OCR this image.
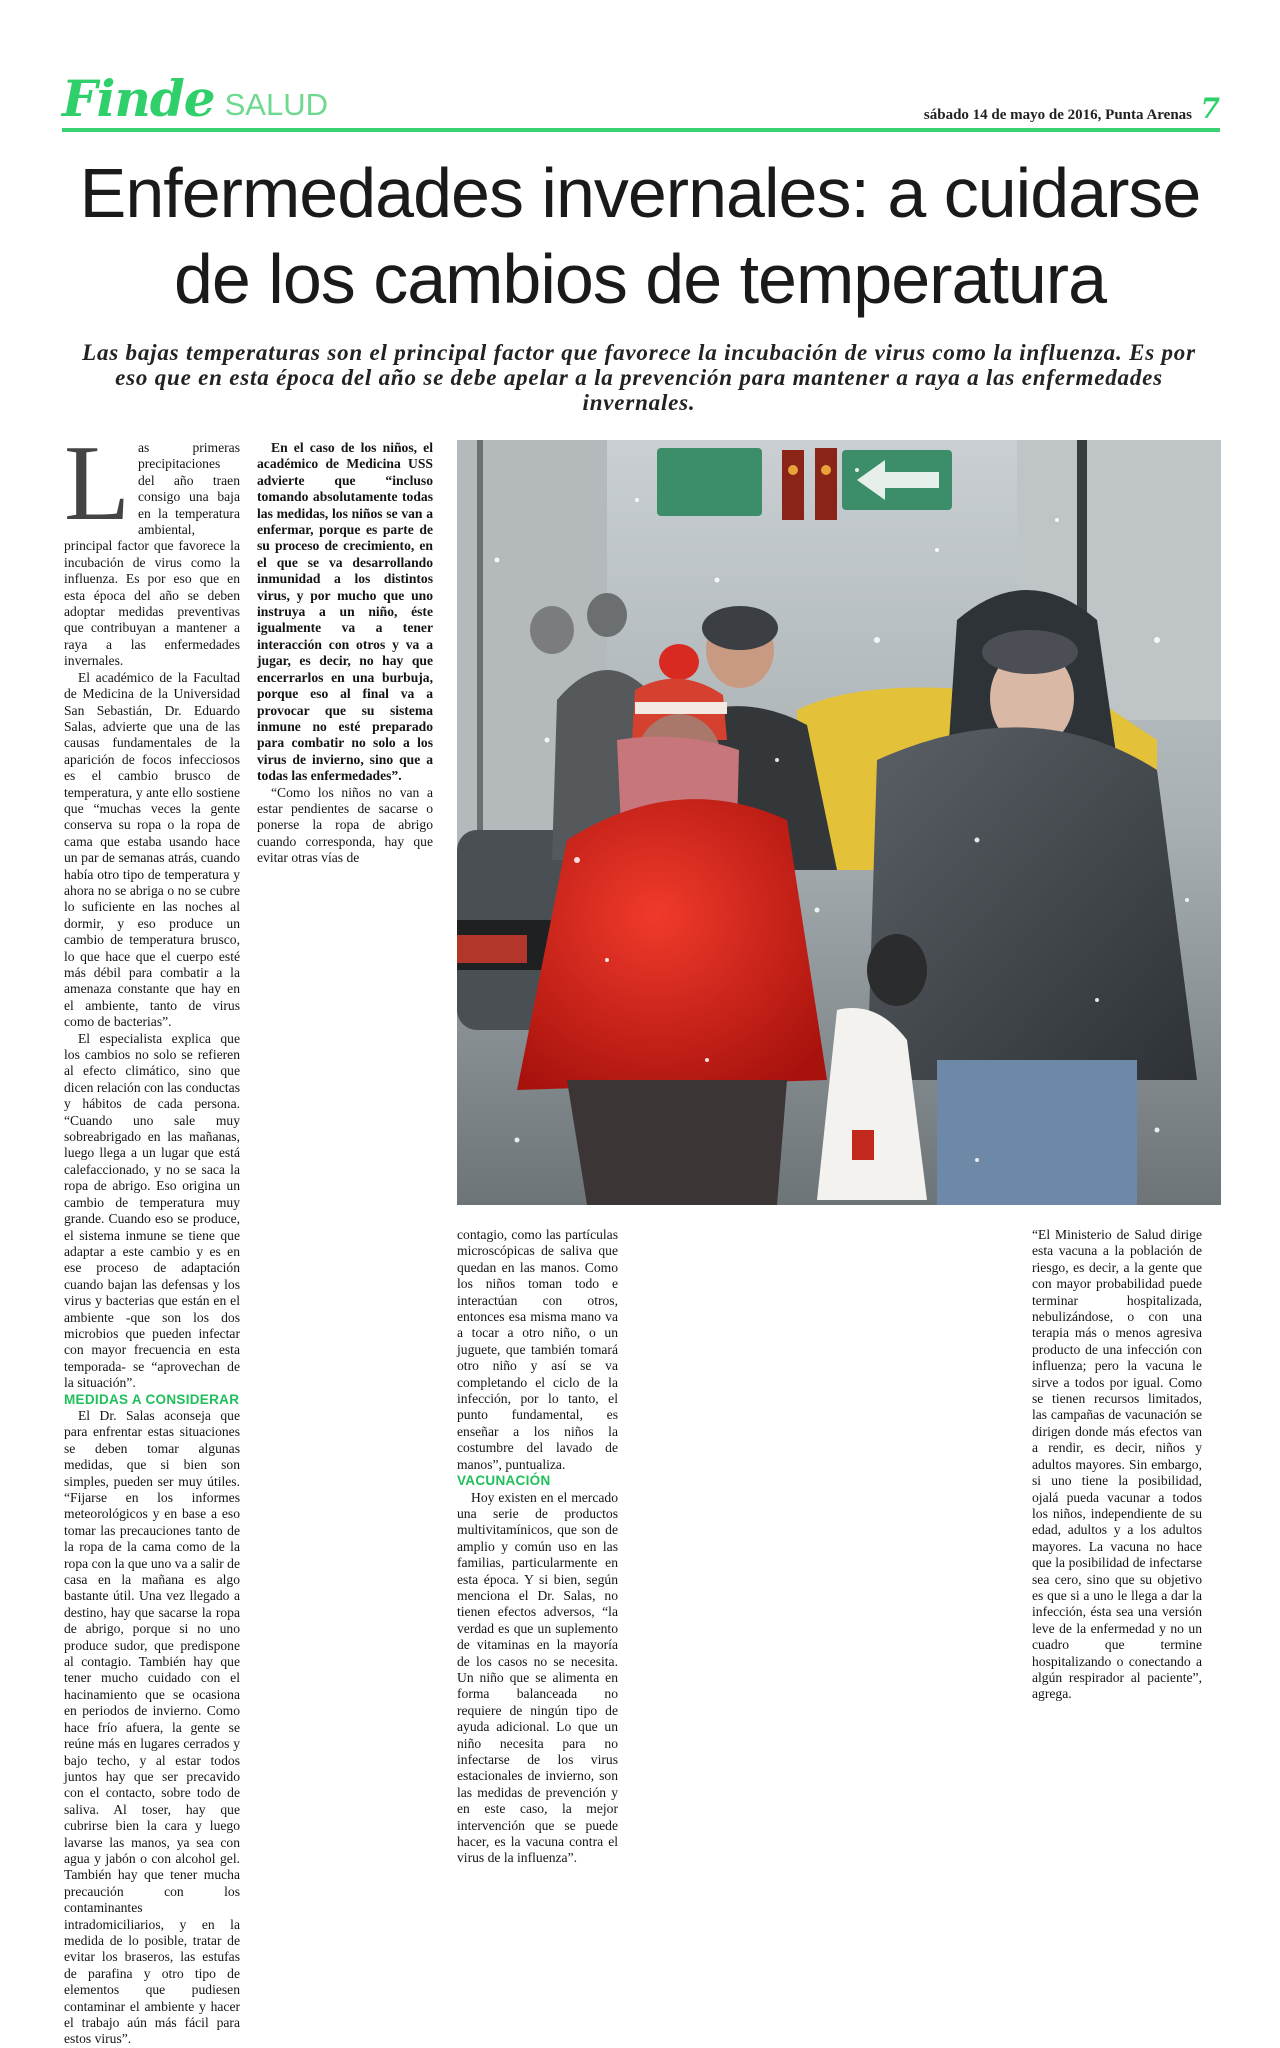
Finde SALUD	sábado 14 de mayo de 2016, Punta Arenas 7
Enfermedades invernales: a cuidarse de los cambios de temperatura

Las bajas temperaturas son el principal factor que favorece la incubación de virus como la influenza. Es por eso que en esta época del año se debe apelar a la prevención para mantener a raya a las enfermedades invernales.

Las primeras precipitaciones del año traen consigo una baja en la temperatura ambiental, principal factor que favorece la incubación de virus como la influenza. Es por eso que en esta época del año se deben adoptar medidas preventivas que contribuyan a mantener a raya a las enfermedades invernales.

El académico de la Facultad de Medicina de la Universidad San Sebastián, Dr. Eduardo Salas, advierte que una de las causas fundamentales de la aparición de focos infecciosos es el cambio brusco de temperatura, y ante ello sostiene que “muchas veces la gente conserva su ropa o la ropa de cama que estaba usando hace un par de semanas atrás, cuando había otro tipo de temperatura y ahora no se abriga o no se cubre lo suficiente en las noches al dormir, y eso produce un cambio de temperatura brusco, lo que hace que el cuerpo esté más débil para combatir a la amenaza constante que hay en el ambiente, tanto de virus como de bacterias”.

El especialista explica que los cambios no solo se refieren al efecto climático, sino que dicen relación con las conductas y hábitos de cada persona. “Cuando uno sale muy sobreabrigado en las mañanas, luego llega a un lugar que está calefaccionado, y no se saca la ropa de abrigo. Eso origina un cambio de temperatura muy grande. Cuando eso se produce, el sistema inmune se tiene que adaptar a este cambio y es en ese proceso de adaptación cuando bajan las defensas y los virus y bacterias que están en el ambiente -que son los dos microbios que pueden infectar con mayor frecuencia en esta temporada- se “aprovechan de la situación”.

MEDIDAS A CONSIDERAR

El Dr. Salas aconseja que para enfrentar estas situaciones se deben tomar algunas medidas, que si bien son simples, pueden ser muy útiles. “Fijarse en los informes meteorológicos y en base a eso tomar las precauciones tanto de la ropa de la cama como de la ropa con la que uno va a salir de casa en la mañana es algo bastante útil. Una vez llegado a destino, hay que sacarse la ropa de abrigo, porque si no uno produce sudor, que predispone al contagio. También hay que tener mucho cuidado con el hacinamiento que se ocasiona en periodos de invierno. Como hace frío afuera, la gente se reúne más en lugares cerrados y bajo techo, y al estar todos juntos hay que ser precavido con el contacto, sobre todo de saliva. Al toser, hay que cubrirse bien la cara y luego lavarse las manos, ya sea con agua y jabón o con alcohol gel. También hay que tener mucha precaución con los contaminantes intradomiciliarios, y en la medida de lo posible, tratar de evitar los braseros, las estufas de parafina y otro tipo de elementos que pudiesen contaminar el ambiente y hacer el trabajo aún más fácil para estos virus”.

En el caso de los niños, el académico de Medicina USS advierte que “incluso tomando absolutamente todas las medidas, los niños se van a enfermar, porque es parte de su proceso de crecimiento, en el que se va desarrollando inmunidad a los distintos virus, y por mucho que uno instruya a un niño, éste igualmente va a tener interacción con otros y va a jugar, es decir, no hay que encerrarlos en una burbuja, porque eso al final va a provocar que su sistema inmune no esté preparado para combatir no solo a los virus de invierno, sino que a todas las enfermedades”.

“Como los niños no van a estar pendientes de sacarse o ponerse la ropa de abrigo cuando corresponda, hay que evitar otras vías de

contagio, como las partículas microscópicas de saliva que quedan en las manos. Como los niños toman todo e interactúan con otros, entonces esa misma mano va a tocar a otro niño, o un juguete, que también tomará otro niño y así se va completando el ciclo de la infección, por lo tanto, el punto fundamental, es enseñar a los niños la costumbre del lavado de manos”, puntualiza.

VACUNACIÓN

Hoy existen en el mercado una serie de productos multivitamínicos, que son de amplio y común uso en las familias, particularmente en esta época. Y si bien, según menciona el Dr. Salas, no tienen efectos adversos, “la verdad es que un suplemento de vitaminas en la mayoría de los casos no se necesita. Un niño que se alimenta en forma balanceada no requiere de ningún tipo de ayuda adicional. Lo que un niño necesita para no infectarse de los virus estacionales de invierno, son las medidas de prevención y en este caso, la mejor intervención que se puede hacer, es la vacuna contra el virus de la influenza”.

“El Ministerio de Salud dirige esta vacuna a la población de riesgo, es decir, a la gente que con mayor probabilidad puede terminar hospitalizada, nebulizándose, o con una terapia más o menos agresiva producto de una infección con influenza; pero la vacuna le sirve a todos por igual. Como se tienen recursos limitados, las campañas de vacunación se dirigen donde más efectos van a rendir, es decir, niños y adultos mayores. Sin embargo, si uno tiene la posibilidad, ojalá pueda vacunar a todos los niños, independiente de su edad, adultos y a los adultos mayores. La vacuna no hace que la posibilidad de infectarse sea cero, sino que su objetivo es que si a uno le llega a dar la infección, ésta sea una versión leve de la enfermedad y no un cuadro que termine hospitalizando o conectando a algún respirador al paciente”, agrega.
